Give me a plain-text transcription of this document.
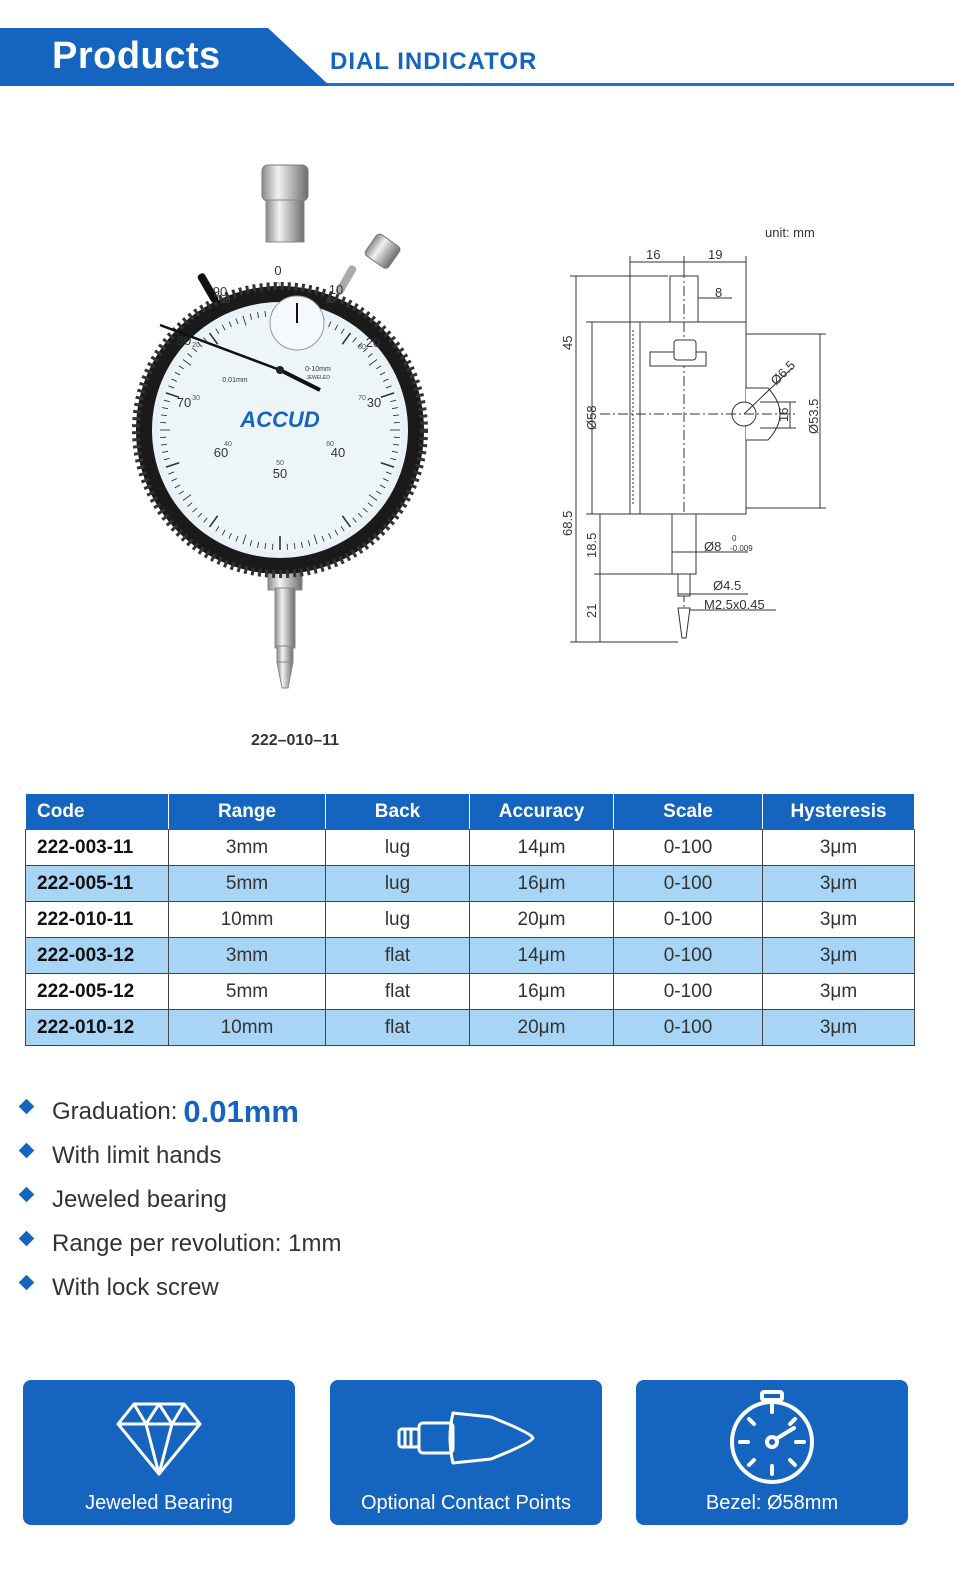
Products	DIAL INDICATOR
0
10
20
30
40
50
60
70
80
90	0
90
80
70
60
50
40
30
20
10
ACCUD
0-10mm
JEWELED
0.01mm
222–010–11
unit: mm
16	19
8
45
Ø58
68.5
18.5
21
Ø6.5
16 Ø53.5
Ø8
0
-0.009
Ø4.5
M2.5x0.45
Code	Range	Back	Accuracy	Scale	Hysteresis
222-003-11	3mm	lug	14μm	0-100	3μm
222-005-11	5mm	lug	16μm	0-100	3μm
222-010-11	10mm	lug	20μm	0-100	3μm
222-003-12	3mm	flat	14μm	0-100	3μm
222-005-12	5mm	flat	16μm	0-100	3μm
222-010-12	10mm	flat	20μm	0-100	3μm
Graduation: 0.01mm
With limit hands
Jeweled bearing
Range per revolution: 1mm
With lock screw
Jeweled Bearing	Optional Contact Points	Bezel: Ø58mm
